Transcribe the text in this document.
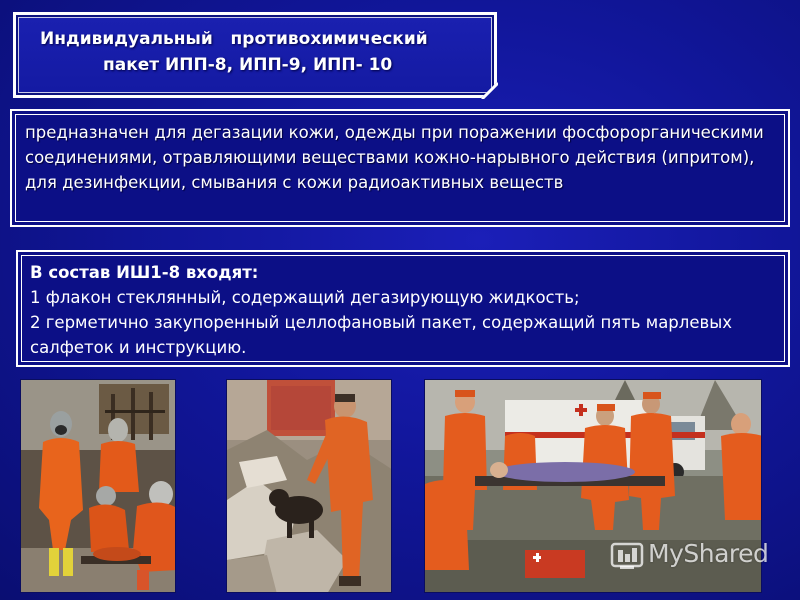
Индивидуальный   противохимический
пакет ИПП-8, ИПП-9, ИПП- 10
предназначен для дегазации кожи, одежды при поражении фосфорорганическими соединениями, отравляющими веществами кожно-нарывного действия (ипритом), для дезинфекции, смывания с кожи радиоактивных веществ
В состав ИШ1-8 входят:
1 флакон стеклянный, содержащий дегазирующую жидкость;
2 герметично закупоренный целлофановый пакет, содержащий пять марлевых салфеток и инструкцию.
MyShared
